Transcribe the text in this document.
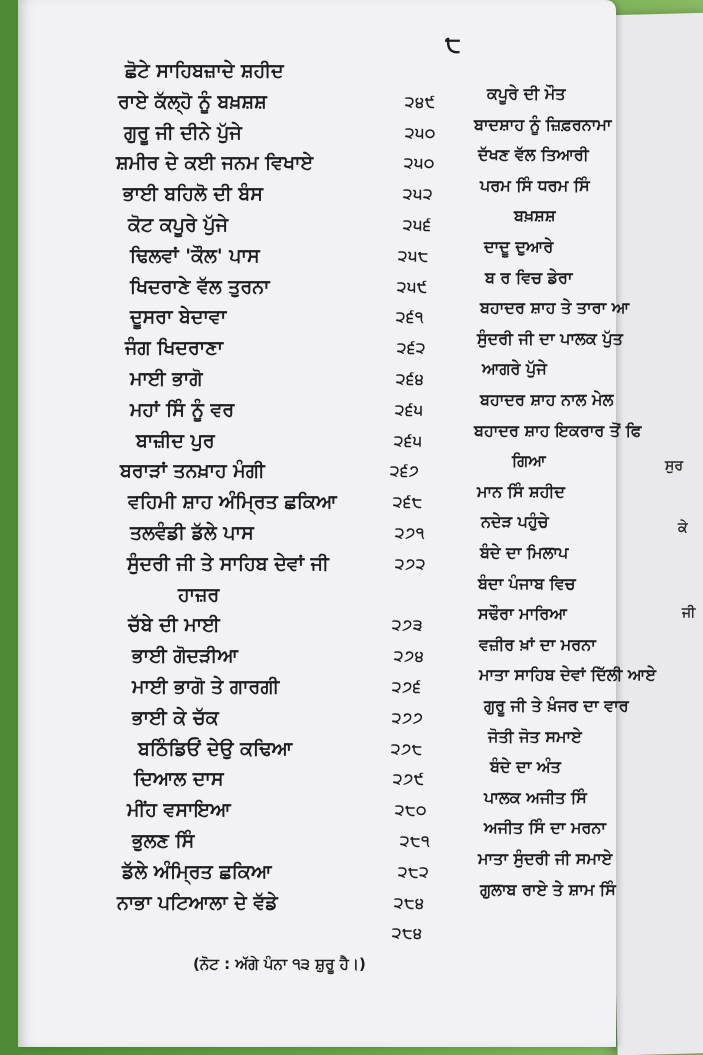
੮
ਛੋਟੇ ਸਾਹਿਬਜ਼ਾਦੇ ਸ਼ਹੀਦ
ਰਾਏ ਕੱਲ੍ਹੋ ਨੂੰ ਬਖ਼ਸ਼ਸ਼	੨੪੯
ਗੁਰੂ ਜੀ ਦੀਨੇ ਪੁੱਜੇ	੨੫੦
ਸ਼ਮੀਰ ਦੇ ਕਈ ਜਨਮ ਵਿਖਾਏ	੨੫੦
ਭਾਈ ਬਹਿਲੋ ਦੀ ਬੰਸ	੨੫੨
ਕੋਟ ਕਪੂਰੇ ਪੁੱਜੇ	੨੫੬
ਢਿਲਵਾਂ 'ਕੌਲ' ਪਾਸ	੨੫੮
ਖਿਦਰਾਣੇ ਵੱਲ ਤੁਰਨਾ	੨੫੯
ਦੂਸਰਾ ਬੇਦਾਵਾ	੨੬੧
ਜੰਗ ਖਿਦਰਾਣਾ	੨੬੨
ਮਾਈ ਭਾਗੋ	੨੬੪
ਮਹਾਂ ਸਿੰ ਨੂੰ ਵਰ	੨੬੫
ਬਾਜ਼ੀਦ ਪੁਰ	੨੬੫
ਬਰਾੜਾਂ ਤਨਖ਼ਾਹ ਮੰਗੀ	੨੬੭
ਵਹਿਮੀ ਸ਼ਾਹ ਅੰਮ੍ਰਿਤ ਛਕਿਆ	੨੬੮
ਤਲਵੰਡੀ ਡੱਲੇ ਪਾਸ	੨੭੧
ਸੁੰਦਰੀ ਜੀ ਤੇ ਸਾਹਿਬ ਦੇਵਾਂ ਜੀ	੨੭੨
ਹਾਜ਼ਰ
ਚੱਬੇ ਦੀ ਮਾਈ	੨੭੩
ਭਾਈ ਗੋਦੜੀਆ	੨੭੪
ਮਾਈ ਭਾਗੋ ਤੇ ਗਾਰਗੀ	੨੭੬
ਭਾਈ ਕੇ ਚੱਕ	੨੭੭
ਬਠਿੰਡਿਓਂ ਦੇਉ ਕਢਿਆ	੨੭੮
ਦਿਆਲ ਦਾਸ	੨੭੯
ਮੀਂਹ ਵਸਾਇਆ	੨੮੦
ਭੁਲਣ ਸਿੰ	੨੮੧
ਡੱਲੇ ਅੰਮ੍ਰਿਤ ਛਕਿਆ	੨੮੨
ਨਾਭਾ ਪਟਿਆਲਾ ਦੇ ਵੱਡੇ	੨੮੪
੨੮੪
ਕਪੂਰੇ ਦੀ ਮੌਤ
ਬਾਦਸ਼ਾਹ ਨੂੰ ਜ਼ਿਫ਼ਰਨਾਮਾ
ਦੱਖਣ ਵੱਲ ਤਿਆਰੀ
ਪਰਮ ਸਿੰ ਧਰਮ ਸਿੰ
ਬਖ਼ਸ਼ਸ਼
ਦਾਦੂ ਦੁਆਰੇ
ਬ ਰ ਵਿਚ ਡੇਰਾ
ਬਹਾਦਰ ਸ਼ਾਹ ਤੇ ਤਾਰਾ ਆ
ਸੁੰਦਰੀ ਜੀ ਦਾ ਪਾਲਕ ਪੁੱਤ
ਆਗਰੇ ਪੁੱਜੇ
ਬਹਾਦਰ ਸ਼ਾਹ ਨਾਲ ਮੇਲ
ਬਹਾਦਰ ਸ਼ਾਹ ਇਕਰਾਰ ਤੋਂ ਫਿ
ਗਿਆ
ਮਾਨ ਸਿੰ ਸ਼ਹੀਦ
ਨਦੇੜ ਪਹੁੰਚੇ
ਬੰਦੇ ਦਾ ਮਿਲਾਪ
ਬੰਦਾ ਪੰਜਾਬ ਵਿਚ
ਸਢੌਰਾ ਮਾਰਿਆ
ਵਜ਼ੀਰ ਖ਼ਾਂ ਦਾ ਮਰਨਾ
ਮਾਤਾ ਸਾਹਿਬ ਦੇਵਾਂ ਦਿੱਲੀ ਆਏ
ਗੁਰੂ ਜੀ ਤੇ ਖ਼ੰਜਰ ਦਾ ਵਾਰ
ਜੋਤੀ ਜੋਤ ਸਮਾਏ
ਬੰਦੇ ਦਾ ਅੰਤ
ਪਾਲਕ ਅਜੀਤ ਸਿੰ
ਅਜੀਤ ਸਿੰ ਦਾ ਮਰਨਾ
ਮਾਤਾ ਸੁੰਦਰੀ ਜੀ ਸਮਾਏ
ਗੁਲਾਬ ਰਾਏ ਤੇ ਸ਼ਾਮ ਸਿੰ
(ਨੋਟ : ਅੱਗੇ ਪੰਨਾ ੧੩ ਸ਼ੁਰੂ ਹੈ।)
ਸੁਰ
ਕੇ
ਜੀ
